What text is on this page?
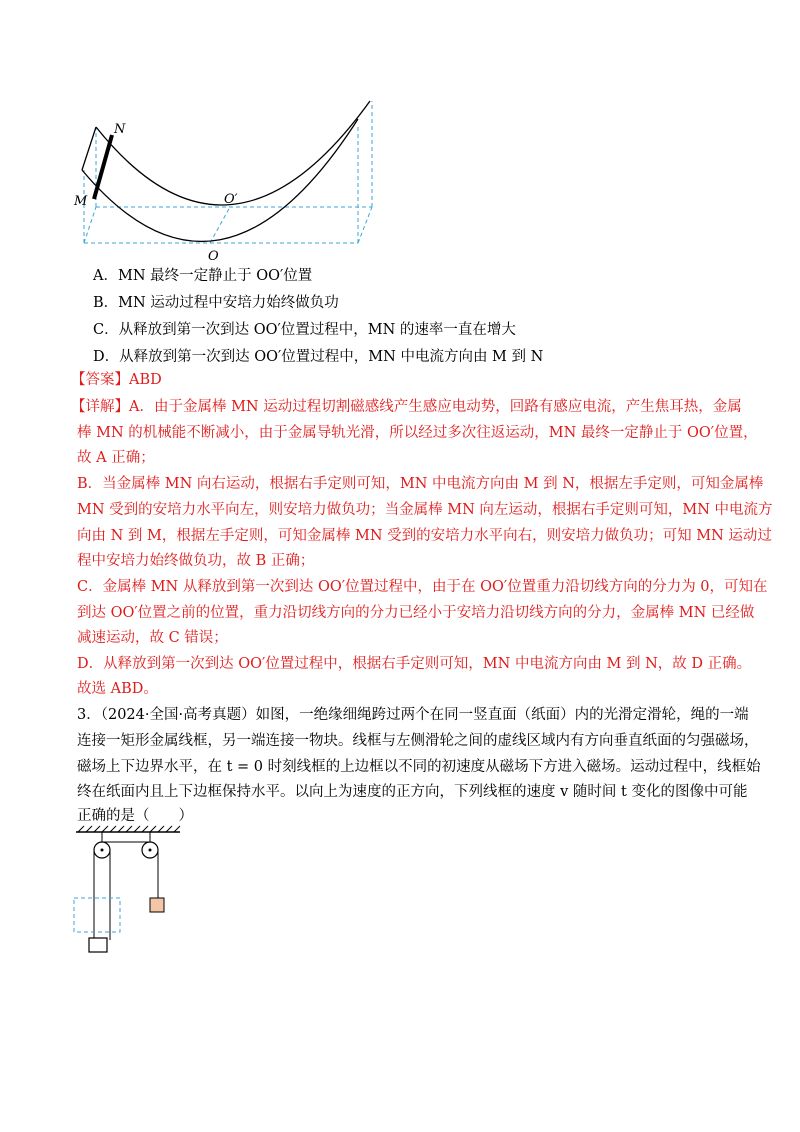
N
M	O′
O
A．MN 最终一定静止于 OO′位置
B．MN 运动过程中安培力始终做负功
C．从释放到第一次到达 OO′位置过程中，MN 的速率一直在增大
D．从释放到第一次到达 OO′位置过程中，MN 中电流方向由 M 到 N
【答案】ABD
【详解】A．由于金属棒 MN 运动过程切割磁感线产生感应电动势，回路有感应电流，产生焦耳热，金属
棒 MN 的机械能不断减小，由于金属导轨光滑，所以经过多次往返运动，MN 最终一定静止于 OO′位置，
故 A 正确；
B．当金属棒 MN 向右运动，根据右手定则可知，MN 中电流方向由 M 到 N，根据左手定则，可知金属棒
MN 受到的安培力水平向左，则安培力做负功；当金属棒 MN 向左运动，根据右手定则可知，MN 中电流方
向由 N 到 M，根据左手定则，可知金属棒 MN 受到的安培力水平向右，则安培力做负功；可知 MN 运动过
程中安培力始终做负功，故 B 正确；
C．金属棒 MN 从释放到第一次到达 OO′位置过程中，由于在 OO′位置重力沿切线方向的分力为 0，可知在
到达 OO′位置之前的位置，重力沿切线方向的分力已经小于安培力沿切线方向的分力，金属棒 MN 已经做
减速运动，故 C 错误；
D．从释放到第一次到达 OO′位置过程中，根据右手定则可知，MN 中电流方向由 M 到 N，故 D 正确。
故选 ABD。
3．（2024·全国·高考真题）如图，一绝缘细绳跨过两个在同一竖直面（纸面）内的光滑定滑轮，绳的一端
连接一矩形金属线框，另一端连接一物块。线框与左侧滑轮之间的虚线区域内有方向垂直纸面的匀强磁场，
磁场上下边界水平，在 t = 0 时刻线框的上边框以不同的初速度从磁场下方进入磁场。运动过程中，线框始
终在纸面内且上下边框保持水平。以向上为速度的正方向，下列线框的速度 v 随时间 t 变化的图像中可能
正确的是（　　）
